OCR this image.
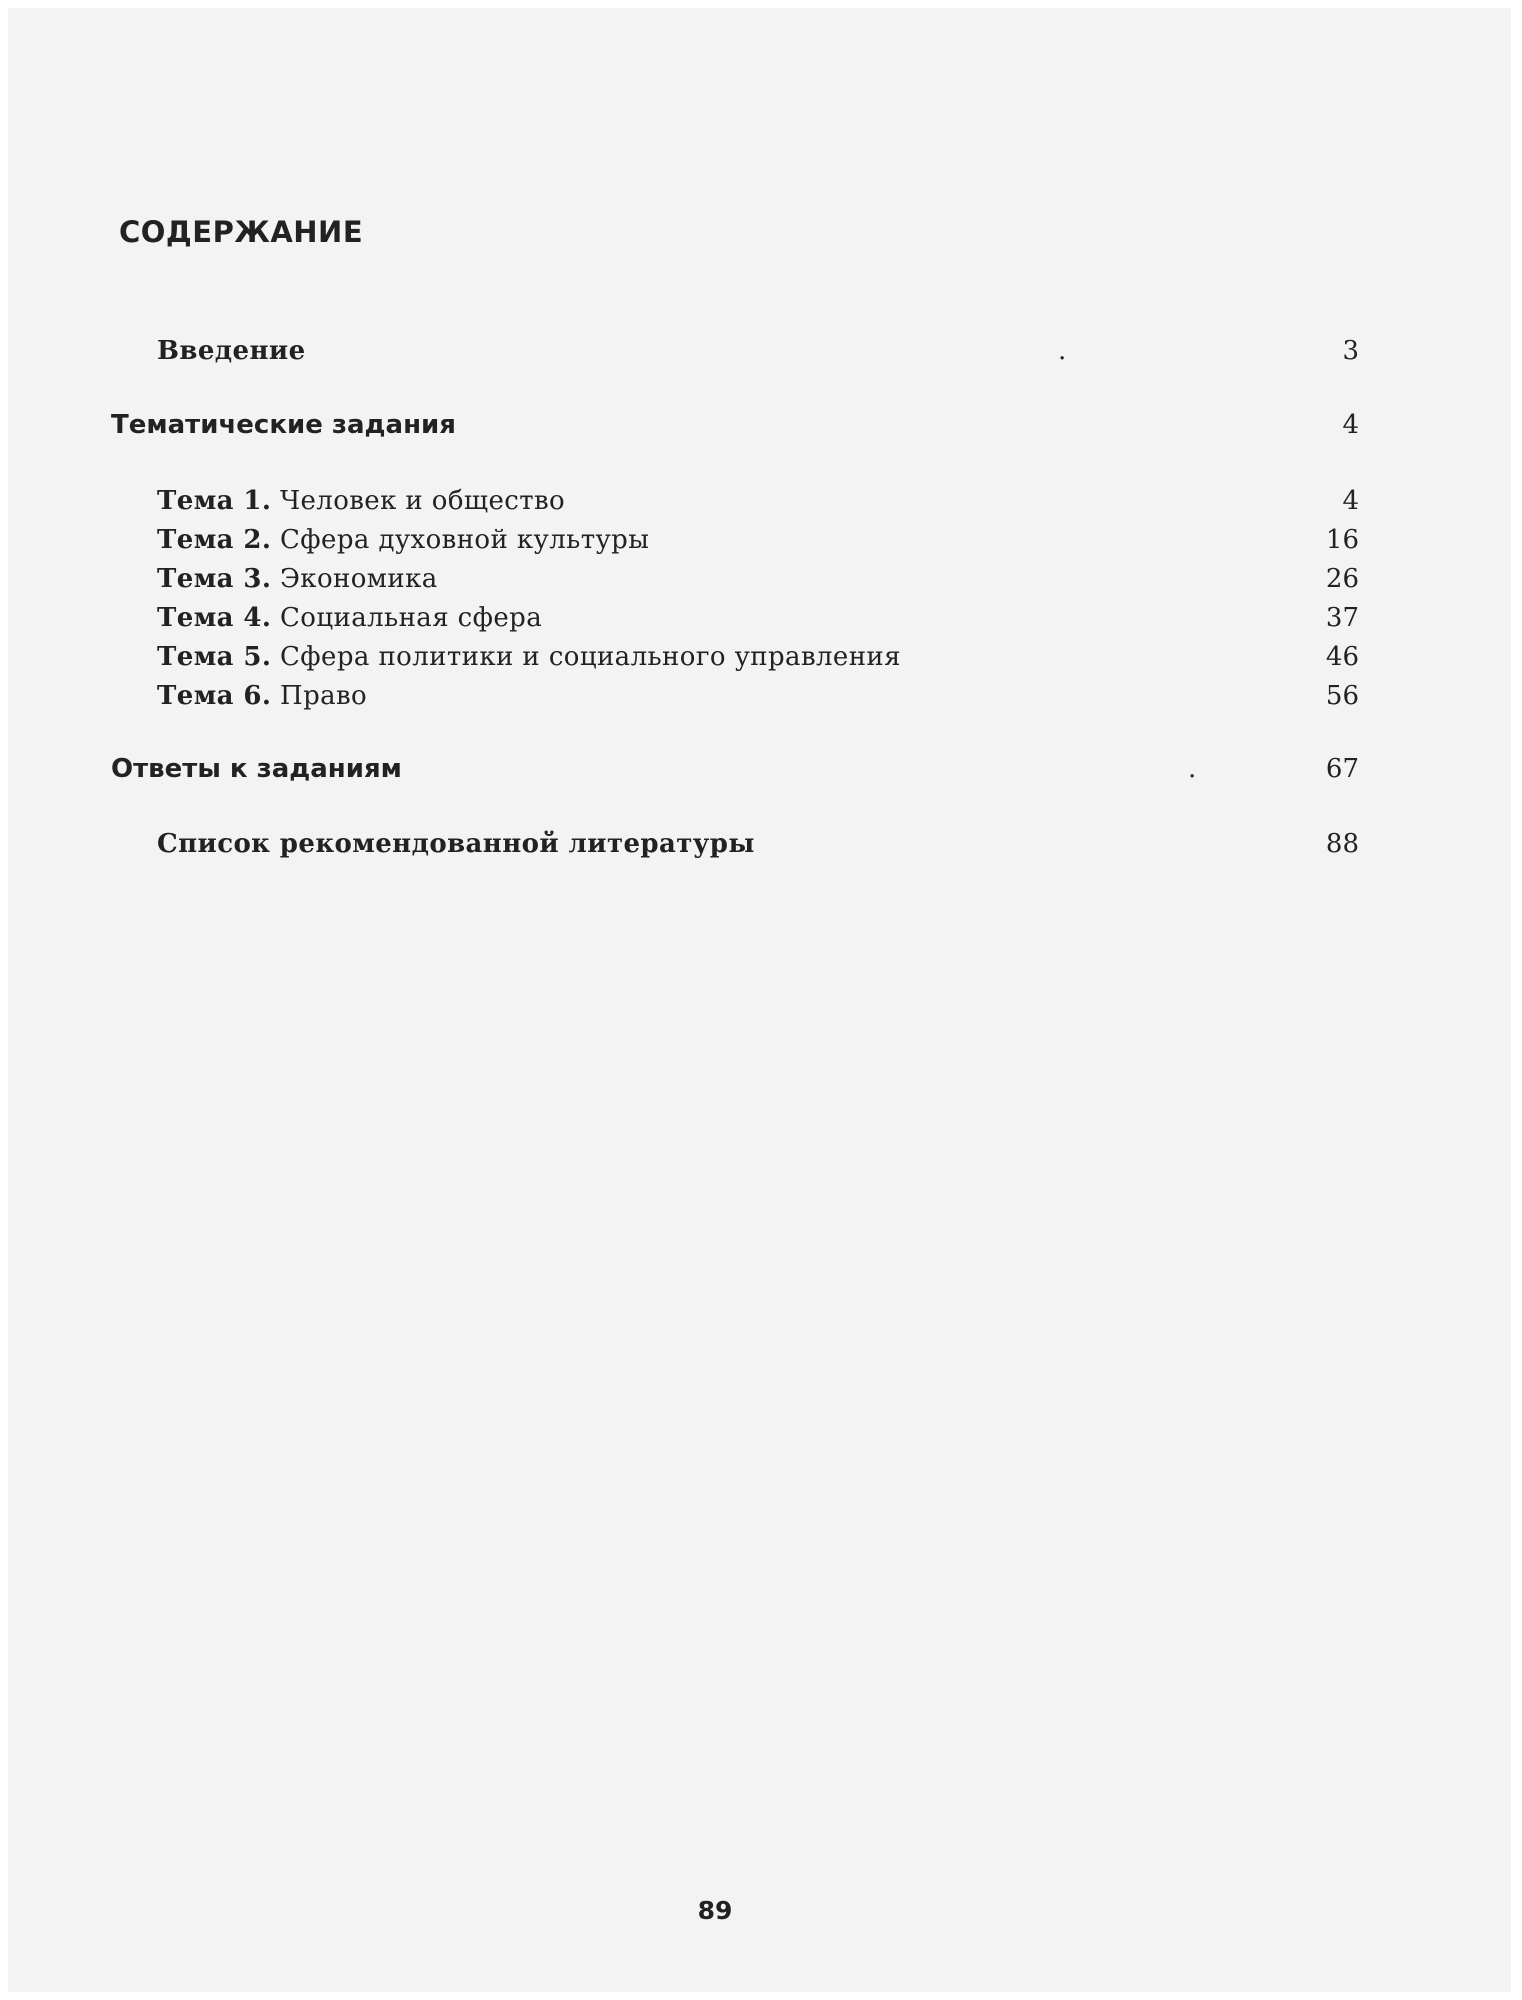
СОДЕРЖАНИЕ
Введение	.	3
Тематические задания	4
Тема 1. Человек и общество	4
Тема 2. Сфера духовной культуры	16
Тема 3. Экономика	26
Тема 4. Социальная сфера	37
Тема 5. Сфера политики и социального управления	46
Тема 6. Право	56
Ответы к заданиям	.	67
Список рекомендованной литературы	88
89
